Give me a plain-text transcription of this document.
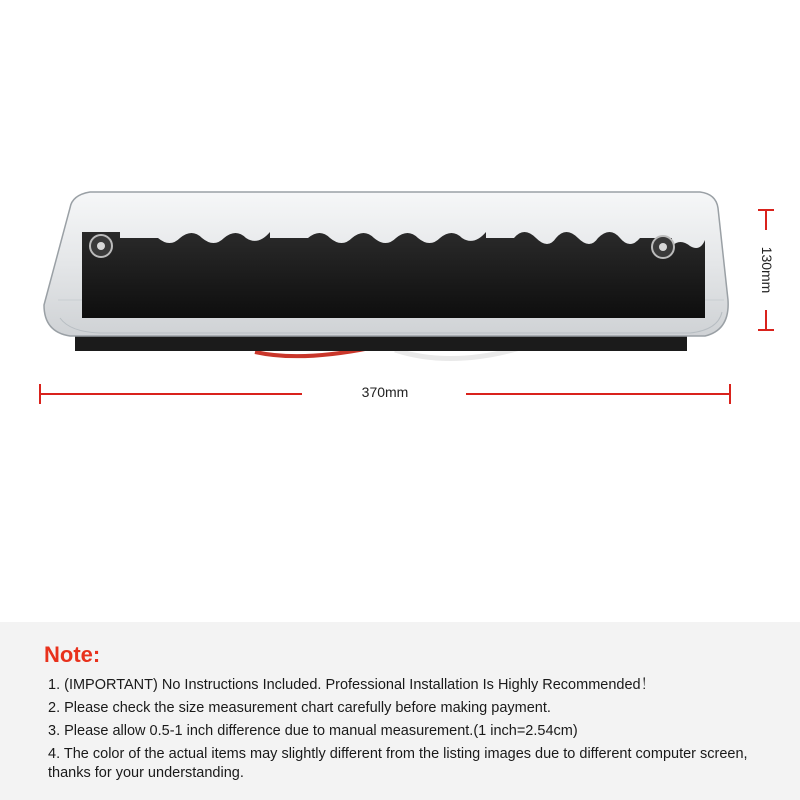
370mm
130mm
Note:
1. (IMPORTANT) No Instructions Included. Professional Installation Is Highly Recommended！
2. Please check the size measurement chart carefully before making payment.
3. Please allow 0.5-1 inch difference due to manual measurement.(1 inch=2.54cm)
4. The color of the actual items may slightly different from the listing images due to different computer screen, thanks for your understanding.
